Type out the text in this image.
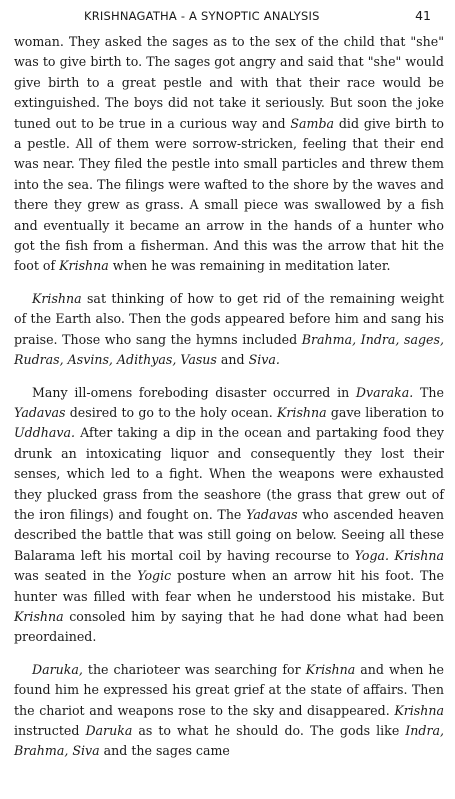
KRISHNAGATHA - A SYNOPTIC ANALYSIS	41

woman. They asked the sages as to the sex of the child that "she" was to give birth to. The sages got angry and said that "she" would give birth to a great pestle and with that their race would be extinguished. The boys did not take it seriously. But soon the joke tuned out to be true in a curious way and Samba did give birth to a pestle. All of them were sorrow-stricken, feeling that their end was near. They filed the pestle into small particles and threw them into the sea. The filings were wafted to the shore by the waves and there they grew as grass. A small piece was swallowed by a fish and eventually it became an arrow in the hands of a hunter who got the fish from a fisherman. And this was the arrow that hit the foot of Krishna when he was remaining in meditation later.

Krishna sat thinking of how to get rid of the remaining weight of the Earth also. Then the gods appeared before him and sang his praise. Those who sang the hymns included Brahma, Indra, sages, Rudras, Asvins, Adithyas, Vasus and Siva.

Many ill-omens foreboding disaster occurred in Dvaraka. The Yadavas desired to go to the holy ocean. Krishna gave liberation to Uddhava. After taking a dip in the ocean and partaking food they drunk an intoxicating liquor and consequently they lost their senses, which led to a fight. When the weapons were exhausted they plucked grass from the seashore (the grass that grew out of the iron filings) and fought on. The Yadavas who ascended heaven described the battle that was still going on below. Seeing all these Balarama left his mortal coil by having recourse to Yoga. Krishna was seated in the Yogic posture when an arrow hit his foot. The hunter was filled with fear when he understood his mistake. But Krishna consoled him by saying that he had done what had been preordained.

Daruka, the charioteer was searching for Krishna and when he found him he expressed his great grief at the state of affairs. Then the chariot and weapons rose to the sky and disappeared. Krishna instructed Daruka as to what he should do. The gods like Indra, Brahma, Siva and the sages came
